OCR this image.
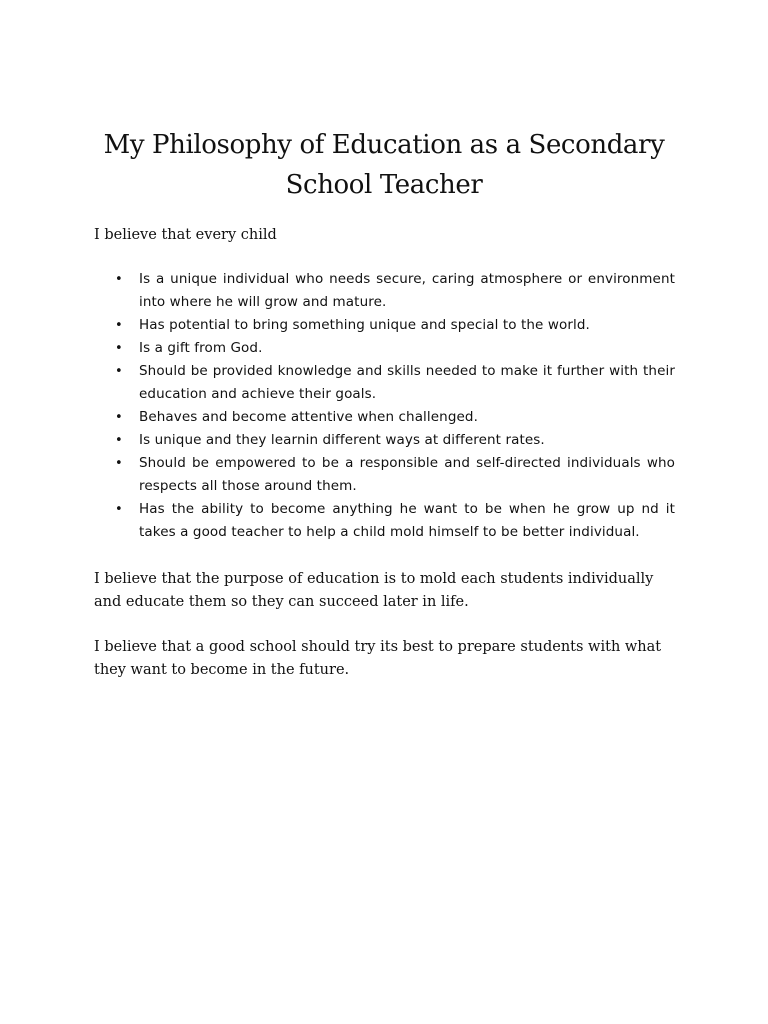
My Philosophy of Education as a Secondary
School Teacher

I believe that every child

• Is a unique individual who needs secure, caring atmosphere or environment into where he will grow and mature.
• Has potential to bring something unique and special to the world.
• Is a gift from God.
• Should be provided knowledge and skills needed to make it further with their education and achieve their goals.
• Behaves and become attentive when challenged.
• Is unique and they learnin different ways at different rates.
• Should be empowered to be a responsible and self-directed individuals who respects all those around them.
• Has the ability to become anything he want to be when he grow up nd it takes a good teacher to help a child mold himself to be better individual.

I believe that the purpose of education is to mold each students individually and educate them so they can succeed later in life.

I believe that a good school should try its best to prepare students with what they want to become in the future.
